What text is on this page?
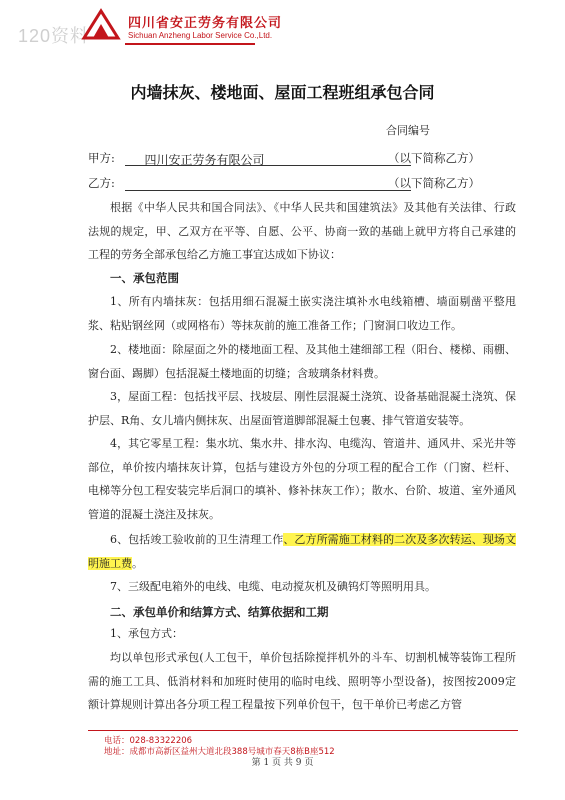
120资料
四川省安正劳务有限公司
Sichuan Anzheng Labor Service Co.,Ltd.
内墙抹灰、楼地面、屋面工程班组承包合同
合同编号
甲方: 四川安正劳务有限公司	（以下简称乙方）
乙方:	（以下简称乙方）
根据《中华人民共和国合同法》、《中华人民共和国建筑法》及其他有关法律、行政法规的规定，甲、乙双方在平等、自愿、公平、协商一致的基础上就甲方将自己承建的工程的劳务全部承包给乙方施工事宜达成如下协议：
一、承包范围
1、所有内墙抹灰：包括用细石混凝土嵌实浇注填补水电线箱槽、墙面剔凿平整甩浆、粘贴钢丝网（或网格布）等抹灰前的施工准备工作；门窗洞口收边工作。
2、楼地面：除屋面之外的楼地面工程、及其他土建细部工程（阳台、楼梯、雨棚、窗台面、踢脚）包括混凝土楼地面的切缝；含玻璃条材料费。
3，屋面工程：包括找平层、找坡层、刚性层混凝土浇筑、设备基础混凝土浇筑、保护层、R角、女儿墙内侧抹灰、出屋面管道脚部混凝土包裹、排气管道安装等。
4，其它零星工程：集水坑、集水井、排水沟、电缆沟、管道井、通风井、采光井等部位，单价按内墙抹灰计算，包括与建设方外包的分项工程的配合工作（门窗、栏杆、电梯等分包工程安装完毕后洞口的填补、修补抹灰工作）；散水、台阶、坡道、室外通风管道的混凝土浇注及抹灰。
6、包括竣工验收前的卫生清理工作、乙方所需施工材料的二次及多次转运、现场文明施工费。
7、三级配电箱外的电线、电缆、电动搅灰机及碘钨灯等照明用具。
二、承包单价和结算方式、结算依据和工期
1、承包方式：
均以单包形式承包(人工包干，单价包括除搅拌机外的斗车、切割机械等装饰工程所需的施工工具、低消材料和加班时使用的临时电线、照明等小型设备)，按图按2009定额计算规则计算出各分项工程工程量按下列单价包干，包干单价已考虑乙方管
电话：028-83322206
地址：成都市高新区益州大道北段388号城市春天8栋B座512
第 1 页 共 9 页
